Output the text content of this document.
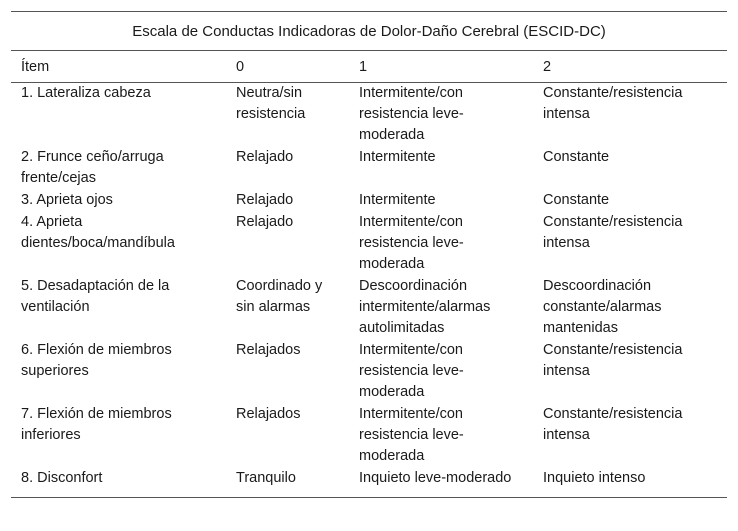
Escala de Conductas Indicadoras de Dolor-Daño Cerebral (ESCID-DC)			
Ítem	0	1	2
1. Lateraliza cabeza	Neutra/sin resistencia	Intermitente/con resistencia leve-moderada	Constante/resistencia intensa
2. Frunce ceño/arruga frente/cejas	Relajado	Intermitente	Constante
3. Aprieta ojos	Relajado	Intermitente	Constante
4. Aprieta dientes/boca/mandíbula	Relajado	Intermitente/con resistencia leve-moderada	Constante/resistencia intensa
5. Desadaptación de la ventilación	Coordinado y sin alarmas	Descoordinación intermitente/alarmas autolimitadas	Descoordinación constante/alarmas mantenidas
6. Flexión de miembros superiores	Relajados	Intermitente/con resistencia leve-moderada	Constante/resistencia intensa
7. Flexión de miembros inferiores	Relajados	Intermitente/con resistencia leve-moderada	Constante/resistencia intensa
8. Disconfort	Tranquilo	Inquieto leve-moderado	Inquieto intenso
